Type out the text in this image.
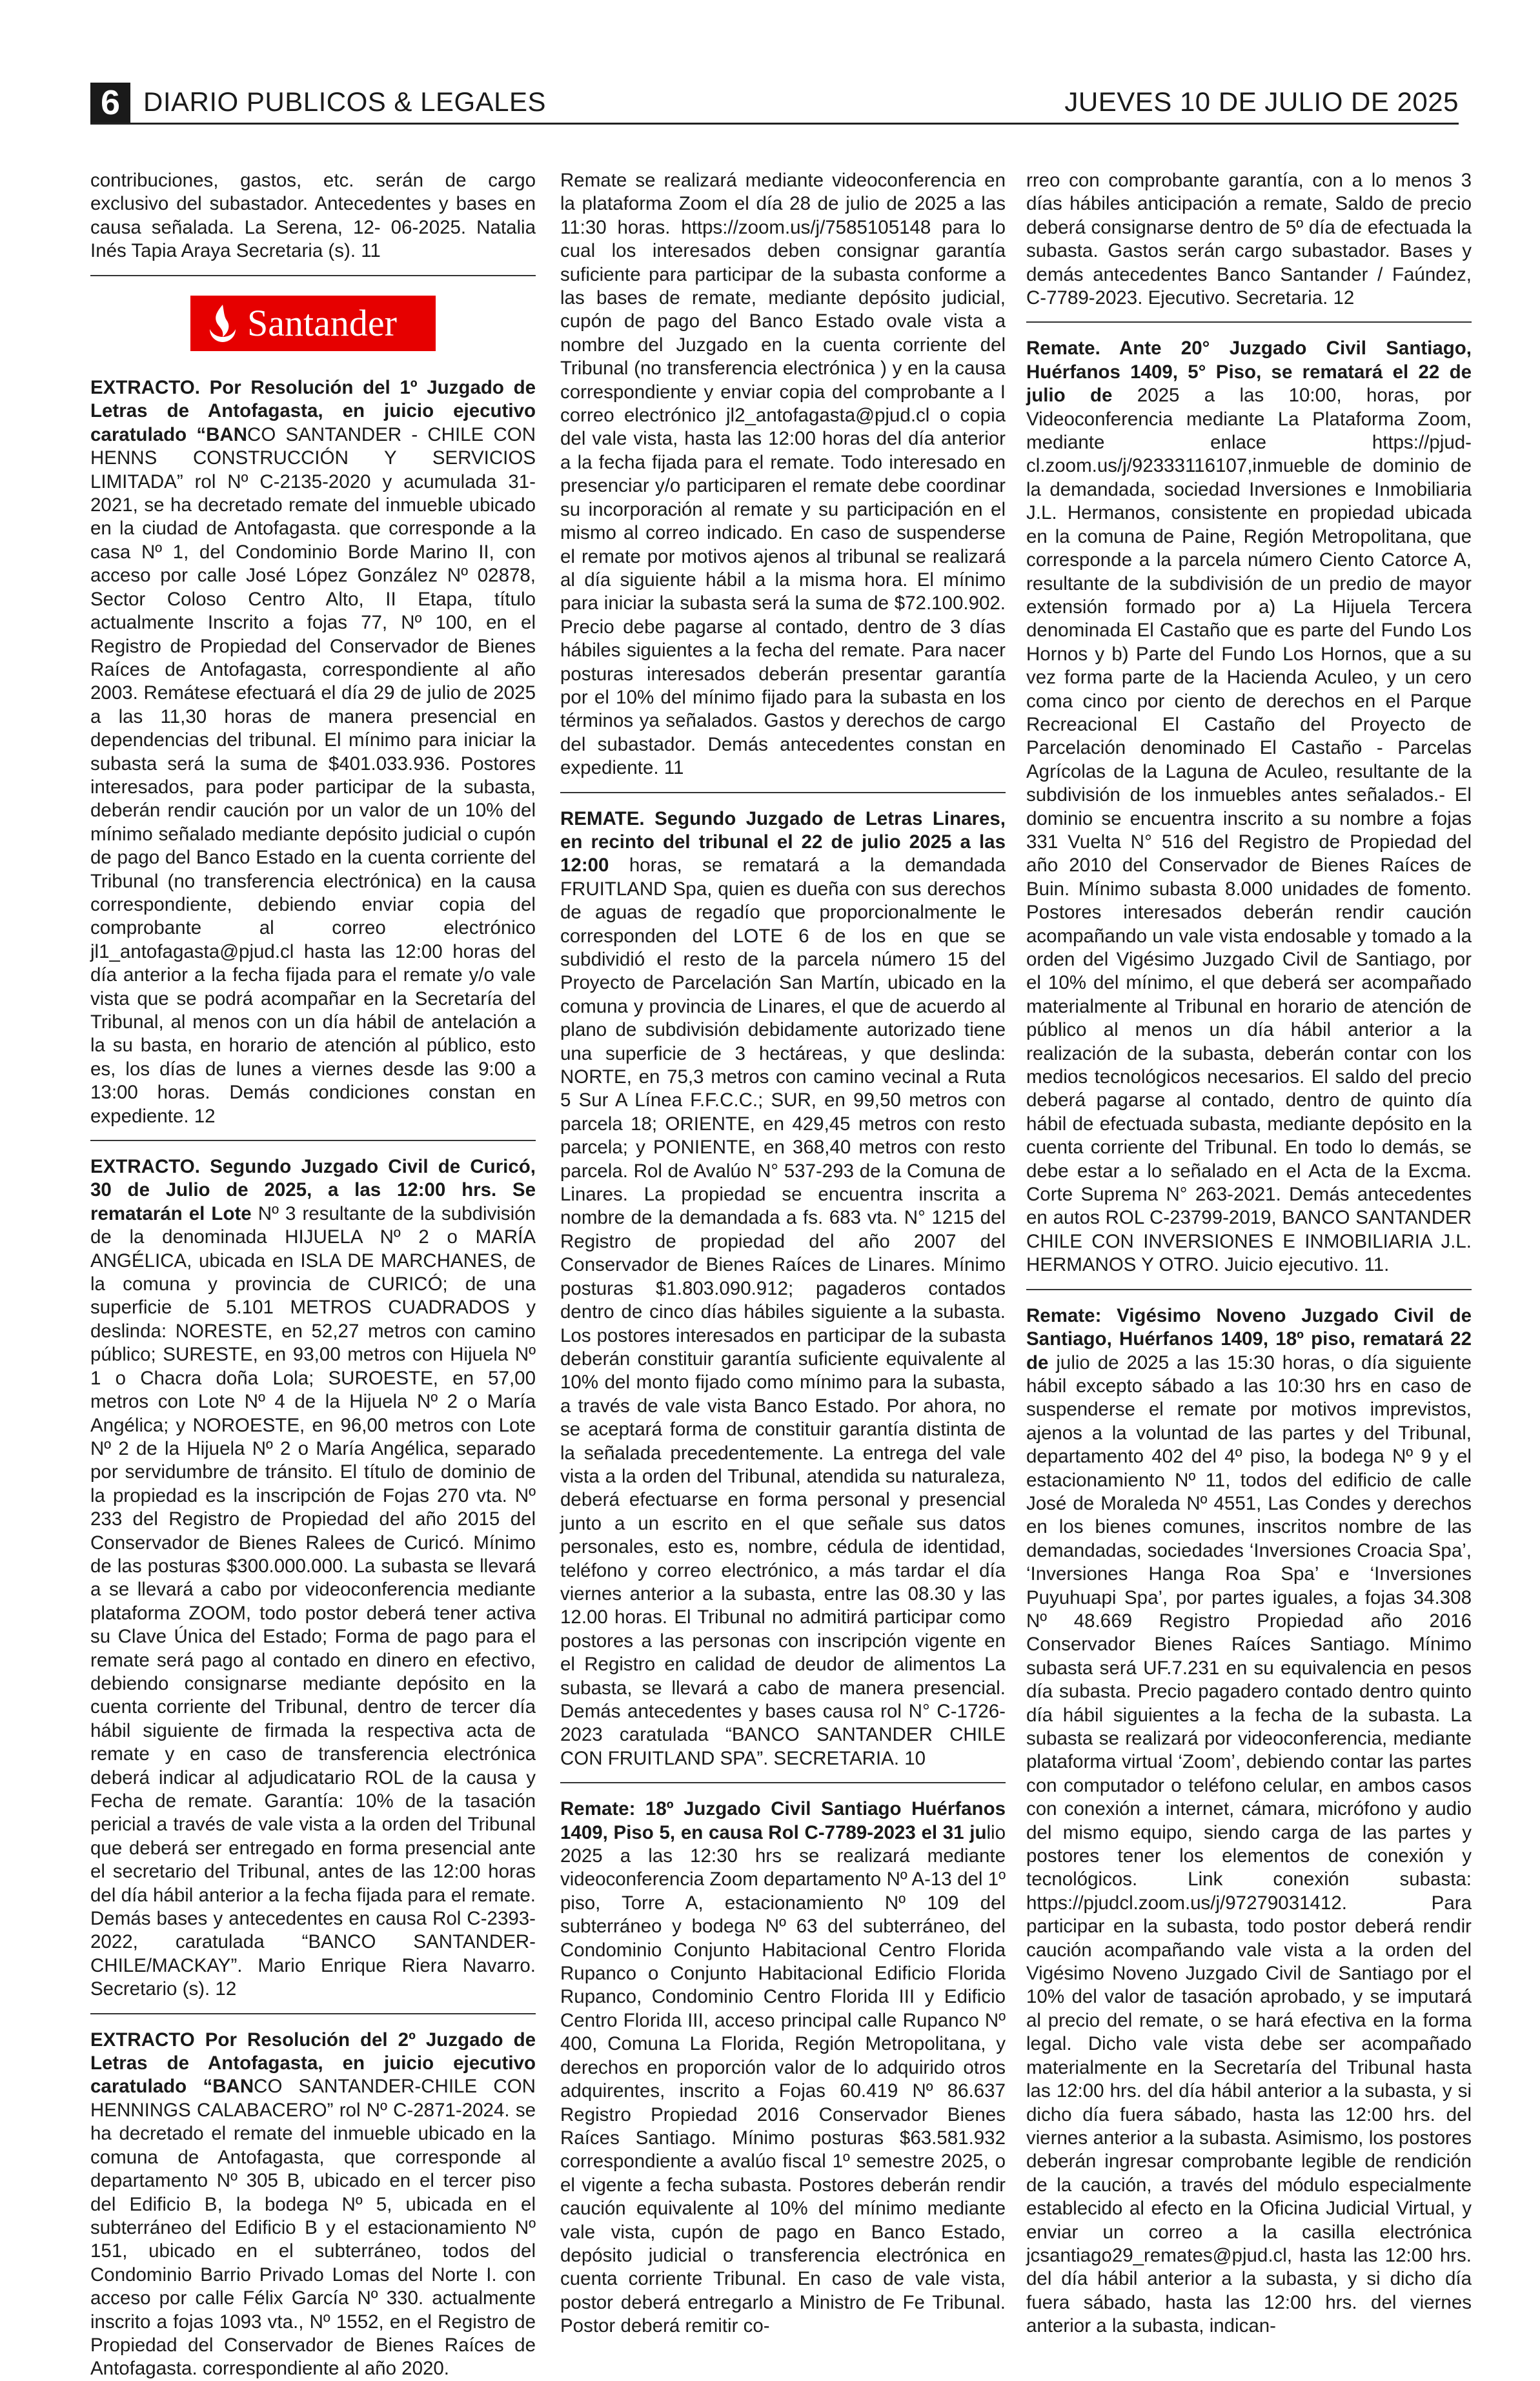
6 DIARIO PUBLICOS & LEGALES	JUEVES 10 DE JULIO DE 2025

contribuciones, gastos, etc. serán de cargo exclusivo del subastador. Antecedentes y bases en causa señalada. La Serena, 12- 06-2025. Natalia Inés Tapia Araya Secretaria (s). 11

Santander

EXTRACTO. Por Resolución del 1º Juzgado de Letras de Antofagasta, en juicio ejecutivo caratulado “BANCO SANTANDER - CHILE CON HENNS CONSTRUCCIÓN Y SERVICIOS LIMITADA” rol Nº C-2135-2020 y acumulada 31-2021, se ha decretado remate del inmueble ubicado en la ciudad de Antofagasta. que corresponde a la casa Nº 1, del Condominio Borde Marino II, con acceso por calle José López González Nº 02878, Sector Coloso Centro Alto, II Etapa, título actualmente Inscrito a fojas 77, Nº 100, en el Registro de Propiedad del Conservador de Bienes Raíces de Antofagasta, correspondiente al año 2003. Remátese efectuará el día 29 de julio de 2025 a las 11,30 horas de manera presencial en dependencias del tribunal. El mínimo para iniciar la subasta será la suma de $401.033.936. Postores interesados, para poder participar de la subasta, deberán rendir caución por un valor de un 10% del mínimo señalado mediante depósito judicial o cupón de pago del Banco Estado en la cuenta corriente del Tribunal (no transferencia electrónica) en la causa correspondiente, debiendo enviar copia del comprobante al correo electrónico jl1_antofagasta@pjud.cl hasta las 12:00 horas del día anterior a la fecha fijada para el remate y/o vale vista que se podrá acompañar en la Secretaría del Tribunal, al menos con un día hábil de antelación a la su basta, en horario de atención al público, esto es, los días de lunes a viernes desde las 9:00 a 13:00 horas. Demás condiciones constan en expediente. 12

EXTRACTO. Segundo Juzgado Civil de Curicó, 30 de Julio de 2025, a las 12:00 hrs. Se rematarán el Lote Nº 3 resultante de la subdivisión de la denominada HIJUELA Nº 2 o MARÍA ANGÉLICA, ubicada en ISLA DE MARCHANES, de la comuna y provincia de CURICÓ; de una superficie de 5.101 METROS CUADRADOS y deslinda: NORESTE, en 52,27 metros con camino público; SURESTE, en 93,00 metros con Hijuela Nº 1 o Chacra doña Lola; SUROESTE, en 57,00 metros con Lote Nº 4 de la Hijuela Nº 2 o María Angélica; y NOROESTE, en 96,00 metros con Lote Nº 2 de la Hijuela Nº 2 o María Angélica, separado por servidumbre de tránsito. El título de dominio de la propiedad es la inscripción de Fojas 270 vta. Nº 233 del Registro de Propiedad del año 2015 del Conservador de Bienes Ralees de Curicó. Mínimo de las posturas $300.000.000. La subasta se llevará a se llevará a cabo por videoconferencia mediante plataforma ZOOM, todo postor deberá tener activa su Clave Única del Estado; Forma de pago para el remate será pago al contado en dinero en efectivo, debiendo consignarse mediante depósito en la cuenta corriente del Tribunal, dentro de tercer día hábil siguiente de firmada la respectiva acta de remate y en caso de transferencia electrónica deberá indicar al adjudicatario ROL de la causa y Fecha de remate. Garantía: 10% de la tasación pericial a través de vale vista a la orden del Tribunal que deberá ser entregado en forma presencial ante el secretario del Tribunal, antes de las 12:00 horas del día hábil anterior a la fecha fijada para el remate. Demás bases y antecedentes en causa Rol C-2393-2022, caratulada “BANCO SANTANDER-CHILE/MACKAY”. Mario Enrique Riera Navarro. Secretario (s). 12

EXTRACTO Por Resolución del 2º Juzgado de Letras de Antofagasta, en juicio ejecutivo caratulado “BANCO SANTANDER-CHILE CON HENNINGS CALABACERO” rol Nº C-2871-2024. se ha decretado el remate del inmueble ubicado en la comuna de Antofagasta, que corresponde al departamento Nº 305 B, ubicado en el tercer piso del Edificio B, la bodega Nº 5, ubicada en el subterráneo del Edificio B y el estacionamiento Nº 151, ubicado en el subterráneo, todos del Condominio Barrio Privado Lomas del Norte I. con acceso por calle Félix García Nº 330. actualmente inscrito a fojas 1093 vta., Nº 1552, en el Registro de Propiedad del Conservador de Bienes Raíces de Antofagasta. correspondiente al año 2020.

Remate se realizará mediante videoconferencia en la plataforma Zoom el día 28 de julio de 2025 a las 11:30 horas. https://zoom.us/j/7585105148 para lo cual los interesados deben consignar garantía suficiente para participar de la subasta conforme a las bases de remate, mediante depósito judicial, cupón de pago del Banco Estado ovale vista a nombre del Juzgado en la cuenta corriente del Tribunal (no transferencia electrónica ) y en la causa correspondiente y enviar copia del comprobante a I correo electrónico jl2_antofagasta@pjud.cl o copia del vale vista, hasta las 12:00 horas del día anterior a la fecha fijada para el remate. Todo interesado en presenciar y/o participaren el remate debe coordinar su incorporación al remate y su participación en el mismo al correo indicado. En caso de suspenderse el remate por motivos ajenos al tribunal se realizará al día siguiente hábil a la misma hora. El mínimo para iniciar la subasta será la suma de $72.100.902. Precio debe pagarse al contado, dentro de 3 días hábiles siguientes a la fecha del remate. Para nacer posturas interesados deberán presentar garantía por el 10% del mínimo fijado para la subasta en los términos ya señalados. Gastos y derechos de cargo del subastador. Demás antecedentes constan en expediente. 11

REMATE. Segundo Juzgado de Letras Linares, en recinto del tribunal el 22 de julio 2025 a las 12:00 horas, se rematará a la demandada FRUITLAND Spa, quien es dueña con sus derechos de aguas de regadío que proporcionalmente le corresponden del LOTE 6 de los en que se subdividió el resto de la parcela número 15 del Proyecto de Parcelación San Martín, ubicado en la comuna y provincia de Linares, el que de acuerdo al plano de subdivisión debidamente autorizado tiene una superficie de 3 hectáreas, y que deslinda: NORTE, en 75,3 metros con camino vecinal a Ruta 5 Sur A Línea F.F.C.C.; SUR, en 99,50 metros con parcela 18; ORIENTE, en 429,45 metros con resto parcela; y PONIENTE, en 368,40 metros con resto parcela. Rol de Avalúo N° 537-293 de la Comuna de Linares. La propiedad se encuentra inscrita a nombre de la demandada a fs. 683 vta. N° 1215 del Registro de propiedad del año 2007 del Conservador de Bienes Raíces de Linares. Mínimo posturas $1.803.090.912; pagaderos contados dentro de cinco días hábiles siguiente a la subasta. Los postores interesados en participar de la subasta deberán constituir garantía suficiente equivalente al 10% del monto fijado como mínimo para la subasta, a través de vale vista Banco Estado. Por ahora, no se aceptará forma de constituir garantía distinta de la señalada precedentemente. La entrega del vale vista a la orden del Tribunal, atendida su naturaleza, deberá efectuarse en forma personal y presencial junto a un escrito en el que señale sus datos personales, esto es, nombre, cédula de identidad, teléfono y correo electrónico, a más tardar el día viernes anterior a la subasta, entre las 08.30 y las 12.00 horas. El Tribunal no admitirá participar como postores a las personas con inscripción vigente en el Registro en calidad de deudor de alimentos La subasta, se llevará a cabo de manera presencial. Demás antecedentes y bases causa rol N° C-1726-2023 caratulada “BANCO SANTANDER CHILE CON FRUITLAND SPA”. SECRETARIA. 10

Remate: 18º Juzgado Civil Santiago Huérfanos 1409, Piso 5, en causa Rol C-7789-2023 el 31 julio 2025 a las 12:30 hrs se realizará mediante videoconferencia Zoom departamento Nº A-13 del 1º piso, Torre A, estacionamiento Nº 109 del subterráneo y bodega Nº 63 del subterráneo, del Condominio Conjunto Habitacional Centro Florida Rupanco o Conjunto Habitacional Edificio Florida Rupanco, Condominio Centro Florida III y Edificio Centro Florida III, acceso principal calle Rupanco Nº 400, Comuna La Florida, Región Metropolitana, y derechos en proporción valor de lo adquirido otros adquirentes, inscrito a Fojas 60.419 Nº 86.637 Registro Propiedad 2016 Conservador Bienes Raíces Santiago. Mínimo posturas $63.581.932 correspondiente a avalúo fiscal 1º semestre 2025, o el vigente a fecha subasta. Postores deberán rendir caución equivalente al 10% del mínimo mediante vale vista, cupón de pago en Banco Estado, depósito judicial o transferencia electrónica en cuenta corriente Tribunal. En caso de vale vista, postor deberá entregarlo a Ministro de Fe Tribunal. Postor deberá remitir co-

rreo con comprobante garantía, con a lo menos 3 días hábiles anticipación a remate, Saldo de precio deberá consignarse dentro de 5º día de efectuada la subasta. Gastos serán cargo subastador. Bases y demás antecedentes Banco Santander / Faúndez, C-7789-2023. Ejecutivo. Secretaria. 12

Remate. Ante 20° Juzgado Civil Santiago, Huérfanos 1409, 5° Piso, se rematará el 22 de julio de 2025 a las 10:00, horas, por Videoconferencia mediante La Plataforma Zoom, mediante enlace https://pjud-cl.zoom.us/j/92333116107,inmueble de dominio de la demandada, sociedad Inversiones e Inmobiliaria J.L. Hermanos, consistente en propiedad ubicada en la comuna de Paine, Región Metropolitana, que corresponde a la parcela número Ciento Catorce A, resultante de la subdivisión de un predio de mayor extensión formado por a) La Hijuela Tercera denominada El Castaño que es parte del Fundo Los Hornos y b) Parte del Fundo Los Hornos, que a su vez forma parte de la Hacienda Aculeo, y un cero coma cinco por ciento de derechos en el Parque Recreacional El Castaño del Proyecto de Parcelación denominado El Castaño - Parcelas Agrícolas de la Laguna de Aculeo, resultante de la subdivisión de los inmuebles antes señalados.- El dominio se encuentra inscrito a su nombre a fojas 331 Vuelta N° 516 del Registro de Propiedad del año 2010 del Conservador de Bienes Raíces de Buin. Mínimo subasta 8.000 unidades de fomento. Postores interesados deberán rendir caución acompañando un vale vista endosable y tomado a la orden del Vigésimo Juzgado Civil de Santiago, por el 10% del mínimo, el que deberá ser acompañado materialmente al Tribunal en horario de atención de público al menos un día hábil anterior a la realización de la subasta, deberán contar con los medios tecnológicos necesarios. El saldo del precio deberá pagarse al contado, dentro de quinto día hábil de efectuada subasta, mediante depósito en la cuenta corriente del Tribunal. En todo lo demás, se debe estar a lo señalado en el Acta de la Excma. Corte Suprema N° 263-2021. Demás antecedentes en autos ROL C-23799-2019, BANCO SANTANDER CHILE CON INVERSIONES E INMOBILIARIA J.L. HERMANOS Y OTRO. Juicio ejecutivo. 11.

Remate: Vigésimo Noveno Juzgado Civil de Santiago, Huérfanos 1409, 18º piso, rematará 22 de julio de 2025 a las 15:30 horas, o día siguiente hábil excepto sábado a las 10:30 hrs en caso de suspenderse el remate por motivos imprevistos, ajenos a la voluntad de las partes y del Tribunal, departamento 402 del 4º piso, la bodega Nº 9 y el estacionamiento Nº 11, todos del edificio de calle José de Moraleda Nº 4551, Las Condes y derechos en los bienes comunes, inscritos nombre de las demandadas, sociedades ‘Inversiones Croacia Spa’, ‘Inversiones Hanga Roa Spa’ e ‘Inversiones Puyuhuapi Spa’, por partes iguales, a fojas 34.308 Nº 48.669 Registro Propiedad año 2016 Conservador Bienes Raíces Santiago. Mínimo subasta será UF.7.231 en su equivalencia en pesos día subasta. Precio pagadero contado dentro quinto día hábil siguientes a la fecha de la subasta. La subasta se realizará por videoconferencia, mediante plataforma virtual ‘Zoom’, debiendo contar las partes con computador o teléfono celular, en ambos casos con conexión a internet, cámara, micrófono y audio del mismo equipo, siendo carga de las partes y postores tener los elementos de conexión y tecnológicos. Link conexión subasta: https://pjudcl.zoom.us/j/97279031412. Para participar en la subasta, todo postor deberá rendir caución acompañando vale vista a la orden del Vigésimo Noveno Juzgado Civil de Santiago por el 10% del valor de tasación aprobado, y se imputará al precio del remate, o se hará efectiva en la forma legal. Dicho vale vista debe ser acompañado materialmente en la Secretaría del Tribunal hasta las 12:00 hrs. del día hábil anterior a la subasta, y si dicho día fuera sábado, hasta las 12:00 hrs. del viernes anterior a la subasta. Asimismo, los postores deberán ingresar comprobante legible de rendición de la caución, a través del módulo especialmente establecido al efecto en la Oficina Judicial Virtual, y enviar un correo a la casilla electrónica jcsantiago29_remates@pjud.cl, hasta las 12:00 hrs. del día hábil anterior a la subasta, y si dicho día fuera sábado, hasta las 12:00 hrs. del viernes anterior a la subasta, indican-
